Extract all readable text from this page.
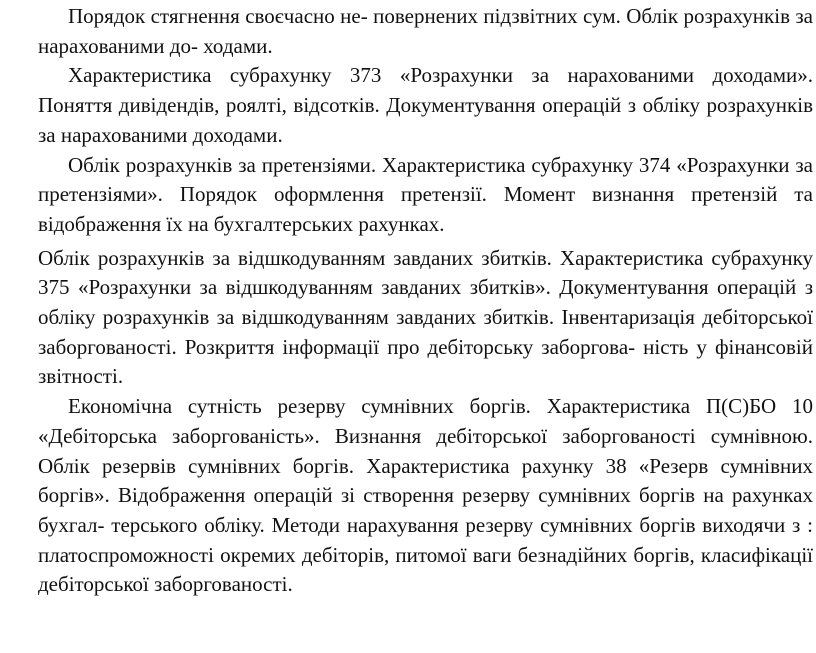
Порядок стягнення своєчасно не- повернених підзвітних сум. Облік розрахунків за нарахованими до- ходами.

Характеристика субрахунку 373 «Розрахунки за нарахованими доходами». Поняття дивідендів, роялті, відсотків. Документування операцій з обліку розрахунків за нарахованими доходами.

Облік розрахунків за претензіями. Характеристика субрахунку 374 «Розрахунки за претензіями». Порядок оформлення претензії. Момент визнання претензій та відображення їх на бухгалтерських рахунках.

Облік розрахунків за відшкодуванням завданих збитків. Характеристика субрахунку 375 «Розрахунки за відшкодуванням завданих збитків». Документування операцій з обліку розрахунків за відшкодуванням завданих збитків. Інвентаризація дебіторської заборгованості. Розкриття інформації про дебіторську заборгова- ність у фінансовій звітності.

Економічна сутність резерву сумнівних боргів. Характеристика П(С)БО 10 «Дебіторська заборгованість». Визнання дебіторської заборгованості сумнівною. Облік резервів сумнівних боргів. Характеристика рахунку 38 «Резерв сумнівних боргів». Відображення операцій зі створення резерву сумнівних боргів на рахунках бухгал- терського обліку. Методи нарахування резерву сумнівних боргів виходячи з : платоспроможності окремих дебіторів, питомої ваги безнадійних боргів, класифікації дебіторської заборгованості.
